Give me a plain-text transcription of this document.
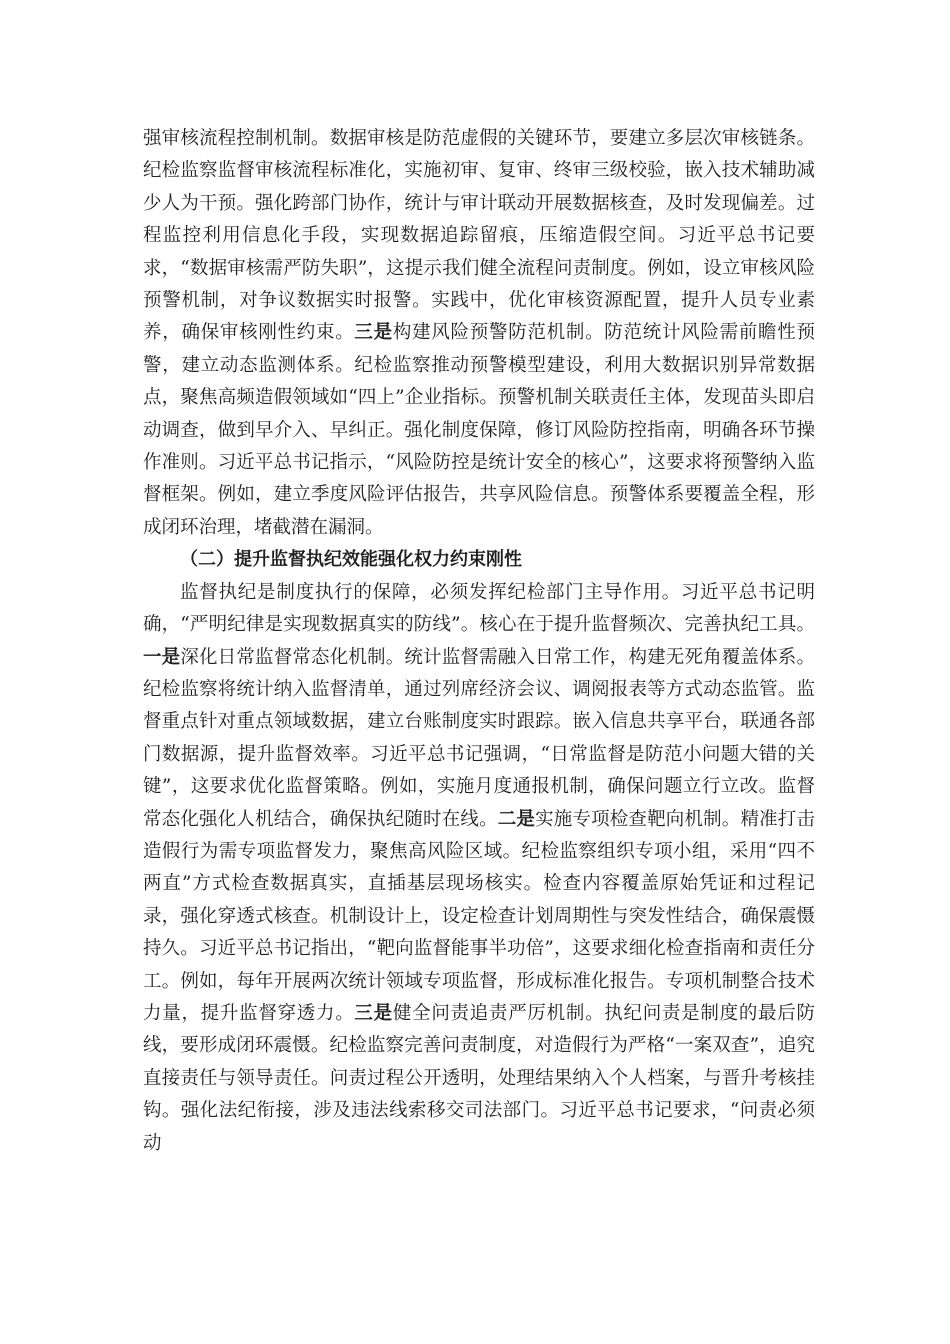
强审核流程控制机制。数据审核是防范虚假的关键环节，要建立多层次审核链条。纪检监察监督审核流程标准化，实施初审、复审、终审三级校验，嵌入技术辅助减少人为干预。强化跨部门协作，统计与审计联动开展数据核查，及时发现偏差。过程监控利用信息化手段，实现数据追踪留痕，压缩造假空间。习近平总书记要求，“数据审核需严防失职”，这提示我们健全流程问责制度。例如，设立审核风险预警机制，对争议数据实时报警。实践中，优化审核资源配置，提升人员专业素养，确保审核刚性约束。三是构建风险预警防范机制。防范统计风险需前瞻性预警，建立动态监测体系。纪检监察推动预警模型建设，利用大数据识别异常数据点，聚焦高频造假领域如“四上”企业指标。预警机制关联责任主体，发现苗头即启动调查，做到早介入、早纠正。强化制度保障，修订风险防控指南，明确各环节操作准则。习近平总书记指示，“风险防控是统计安全的核心”，这要求将预警纳入监督框架。例如，建立季度风险评估报告，共享风险信息。预警体系要覆盖全程，形成闭环治理，堵截潜在漏洞。

（二）提升监督执纪效能强化权力约束刚性

监督执纪是制度执行的保障，必须发挥纪检部门主导作用。习近平总书记明确，“严明纪律是实现数据真实的防线”。核心在于提升监督频次、完善执纪工具。一是深化日常监督常态化机制。统计监督需融入日常工作，构建无死角覆盖体系。纪检监察将统计纳入监督清单，通过列席经济会议、调阅报表等方式动态监管。监督重点针对重点领域数据，建立台账制度实时跟踪。嵌入信息共享平台，联通各部门数据源，提升监督效率。习近平总书记强调，“日常监督是防范小问题大错的关键”，这要求优化监督策略。例如，实施月度通报机制，确保问题立行立改。监督常态化强化人机结合，确保执纪随时在线。二是实施专项检查靶向机制。精准打击造假行为需专项监督发力，聚焦高风险区域。纪检监察组织专项小组，采用“四不两直”方式检查数据真实，直插基层现场核实。检查内容覆盖原始凭证和过程记录，强化穿透式核查。机制设计上，设定检查计划周期性与突发性结合，确保震慑持久。习近平总书记指出，“靶向监督能事半功倍”，这要求细化检查指南和责任分工。例如，每年开展两次统计领域专项监督，形成标准化报告。专项机制整合技术力量，提升监督穿透力。三是健全问责追责严厉机制。执纪问责是制度的最后防线，要形成闭环震慑。纪检监察完善问责制度，对造假行为严格“一案双查”，追究直接责任与领导责任。问责过程公开透明，处理结果纳入个人档案，与晋升考核挂钩。强化法纪衔接，涉及违法线索移交司法部门。习近平总书记要求，“问责必须动
